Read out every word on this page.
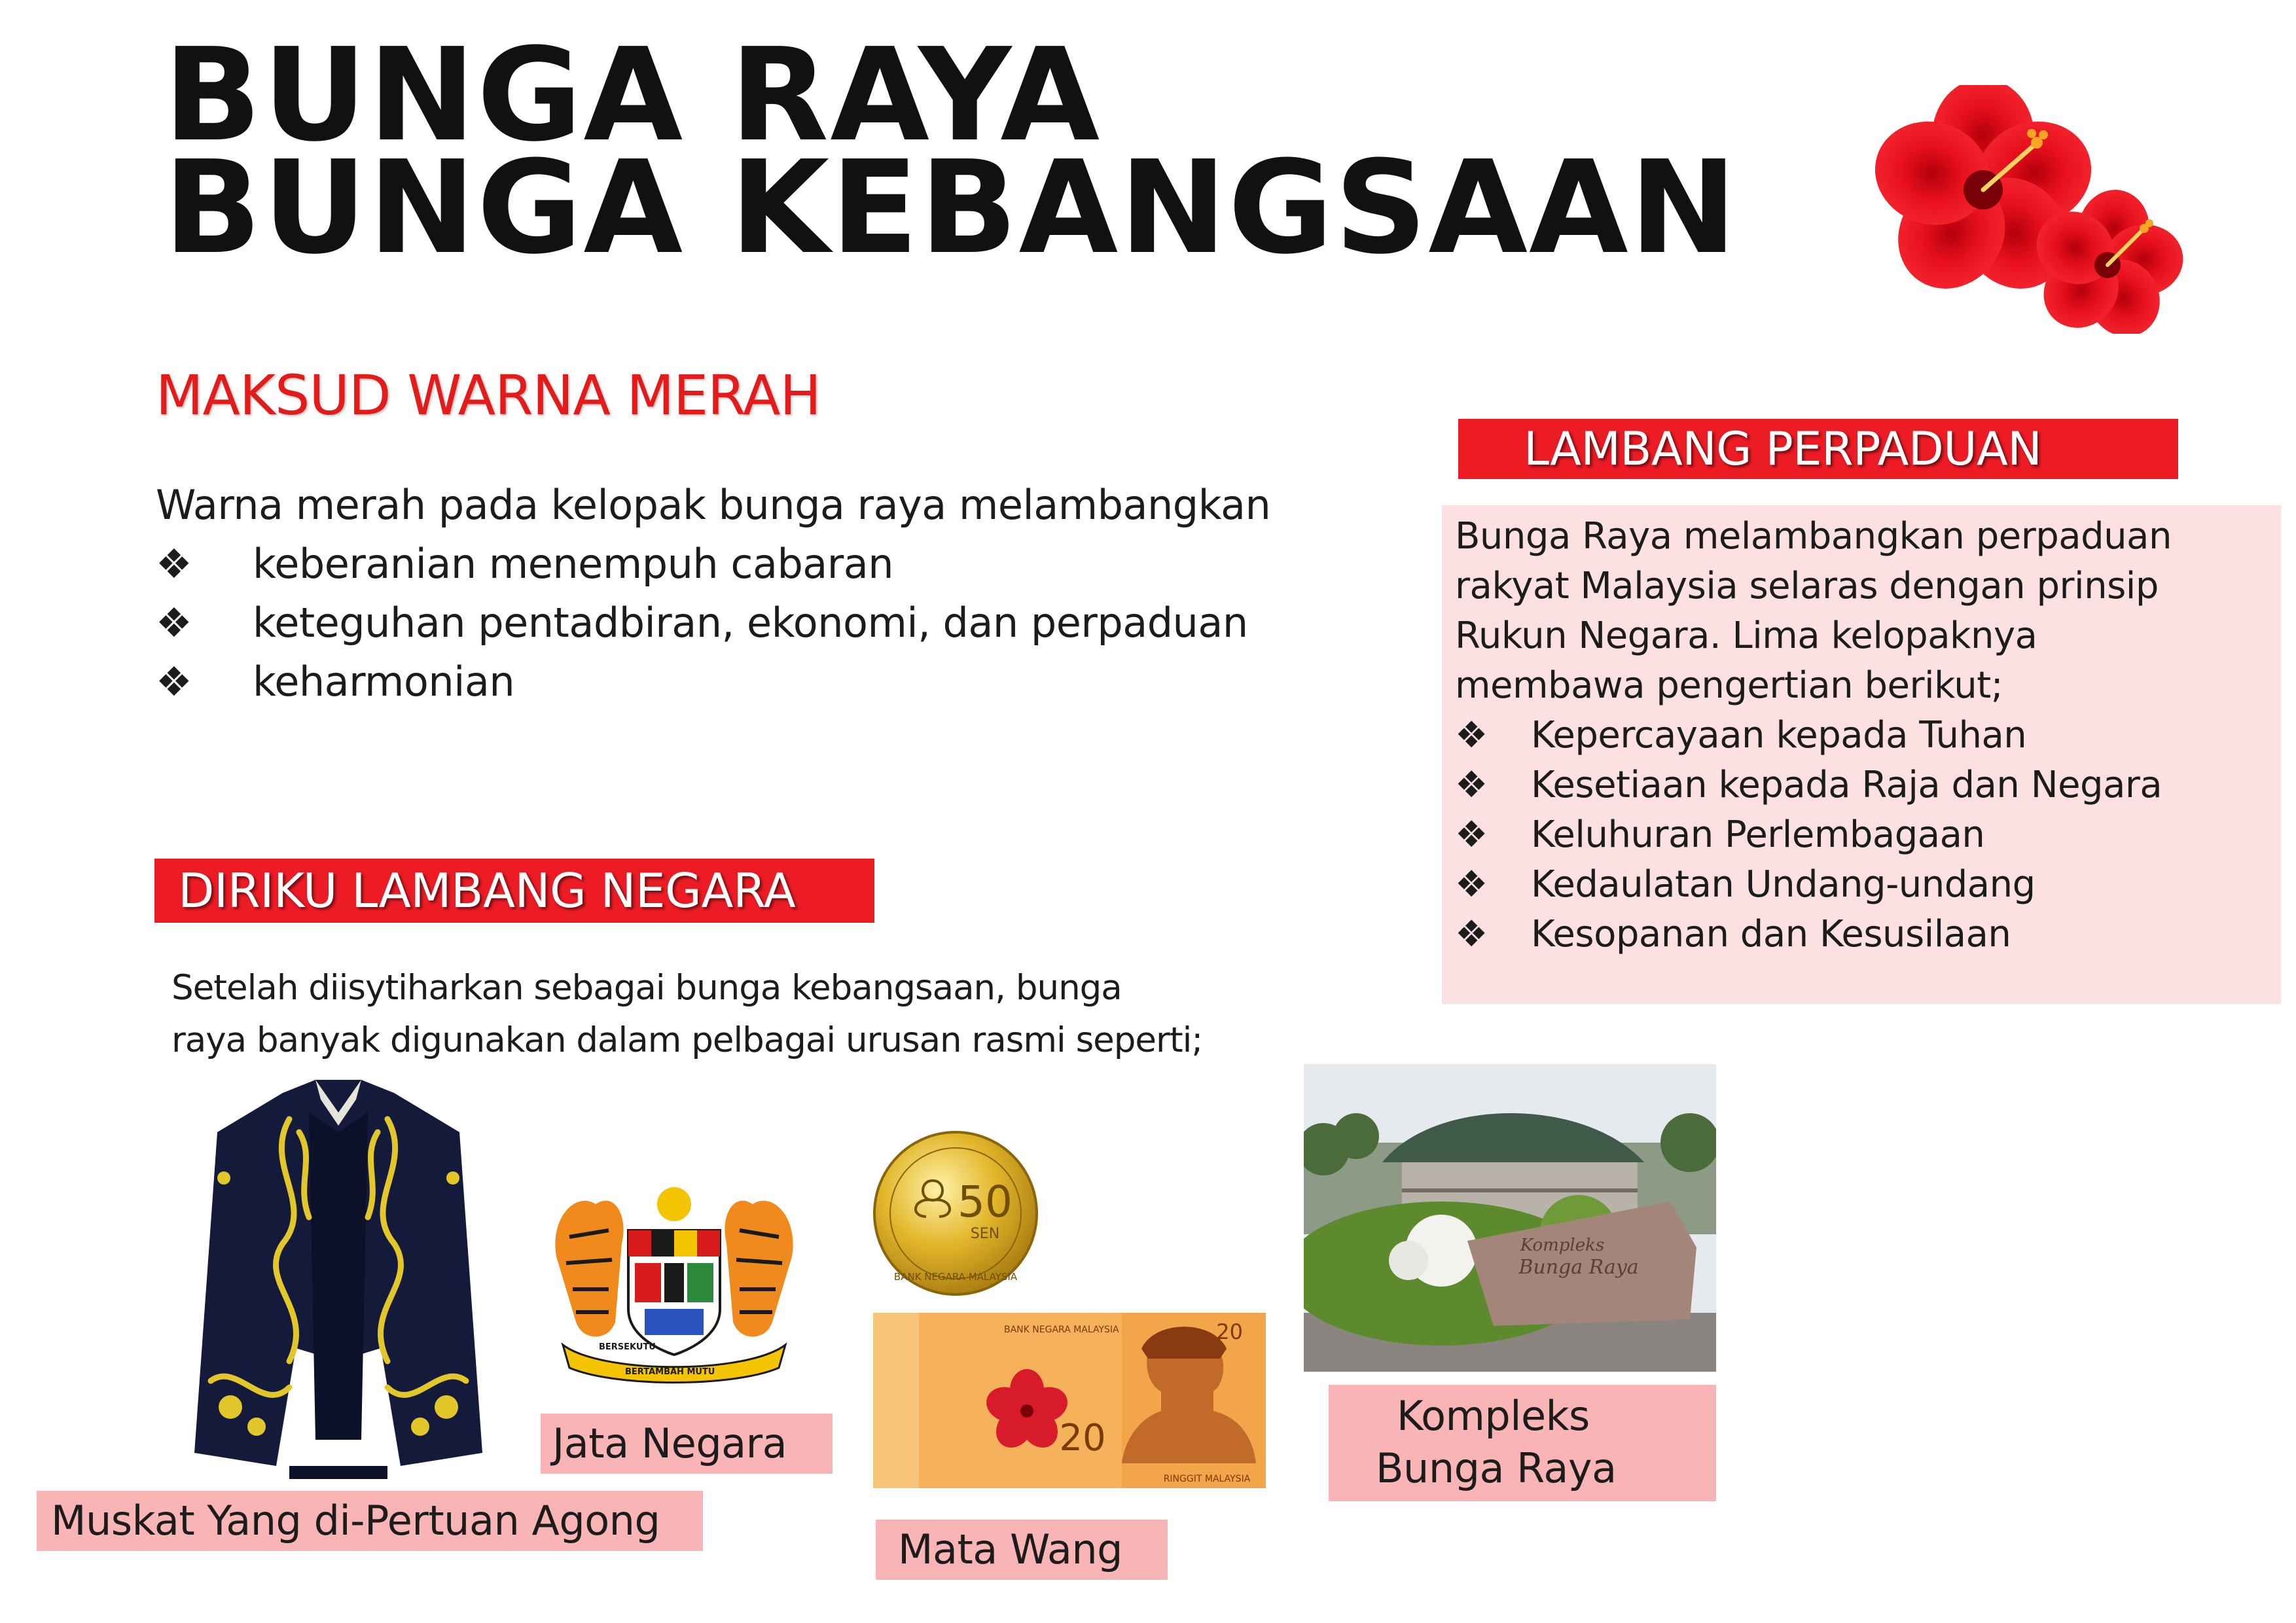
BUNGA RAYA
BUNGA KEBANGSAAN
MAKSUD WARNA MERAH
Warna merah pada kelopak bunga raya melambangkan
❖	keberanian menempuh cabaran
❖	keteguhan pentadbiran, ekonomi, dan perpaduan
❖	keharmonian
LAMBANG PERPADUAN
Bunga Raya melambangkan perpaduan
rakyat Malaysia selaras dengan prinsip
Rukun Negara. Lima kelopaknya
membawa pengertian berikut;
❖ Kepercayaan kepada Tuhan
❖ Kesetiaan kepada Raja dan Negara
❖ Keluhuran Perlembagaan
❖ Kedaulatan Undang-undang
❖ Kesopanan dan Kesusilaan
DIRIKU LAMBANG NEGARA
Setelah diisytiharkan sebagai bunga kebangsaan, bunga
raya banyak digunakan dalam pelbagai urusan rasmi seperti;
BERSEKUTU
BERTAMBAH MUTU
50
SEN
BANK NEGARA MALAYSIA
BANK NEGARA MALAYSIA
20
20
RINGGIT MALAYSIA
Kompleks
Bunga Raya
Muskat Yang di-Pertuan Agong
Jata Negara
Mata Wang
Kompleks
Bunga Raya
